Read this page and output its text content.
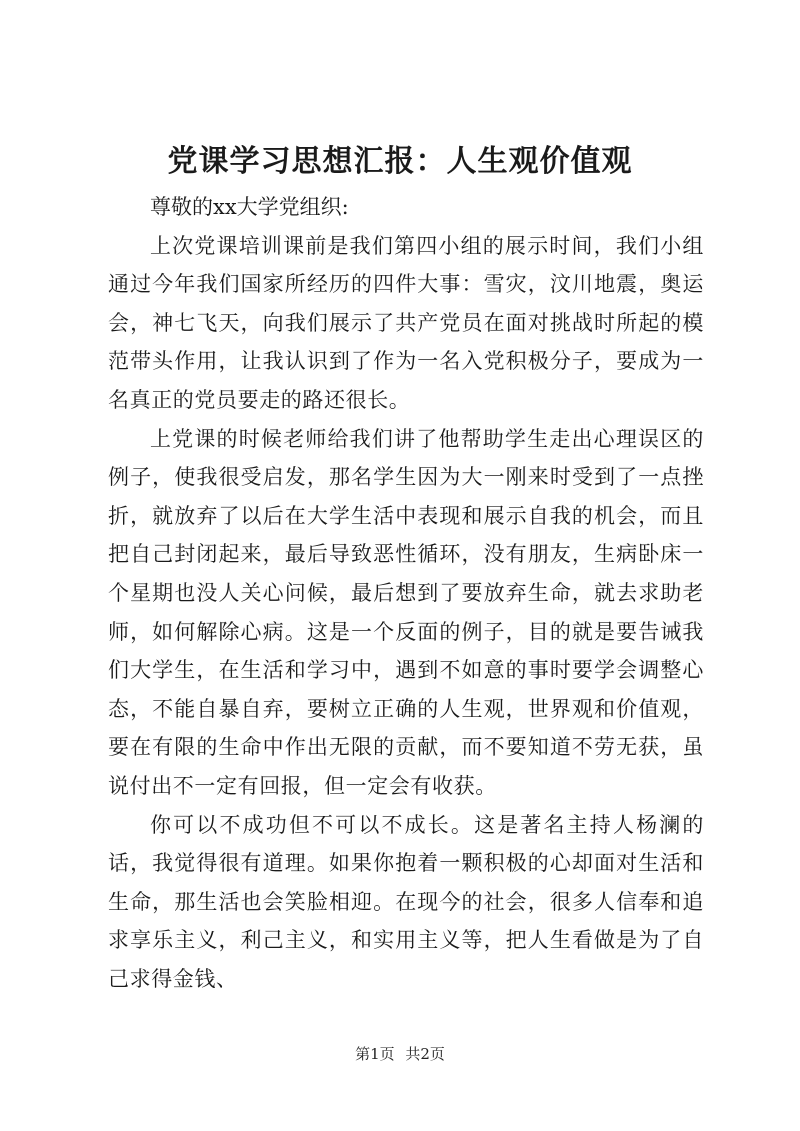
党课学习思想汇报：人生观价值观

尊敬的xx大学党组织:

上次党课培训课前是我们第四小组的展示时间，我们小组通过今年我们国家所经历的四件大事：雪灾，汶川地震，奥运会，神七飞天，向我们展示了共产党员在面对挑战时所起的模范带头作用，让我认识到了作为一名入党积极分子，要成为一名真正的党员要走的路还很长。

上党课的时候老师给我们讲了他帮助学生走出心理误区的例子，使我很受启发，那名学生因为大一刚来时受到了一点挫折，就放弃了以后在大学生活中表现和展示自我的机会，而且把自己封闭起来，最后导致恶性循环，没有朋友，生病卧床一个星期也没人关心问候，最后想到了要放弃生命，就去求助老师，如何解除心病。这是一个反面的例子，目的就是要告诫我们大学生，在生活和学习中，遇到不如意的事时要学会调整心态，不能自暴自弃，要树立正确的人生观，世界观和价值观，要在有限的生命中作出无限的贡献，而不要知道不劳无获，虽说付出不一定有回报，但一定会有收获。

你可以不成功但不可以不成长。这是著名主持人杨澜的话，我觉得很有道理。如果你抱着一颗积极的心却面对生活和生命，那生活也会笑脸相迎。在现今的社会，很多人信奉和追求享乐主义，利己主义，和实用主义等，把人生看做是为了自己求得金钱、

第1页 共2页
